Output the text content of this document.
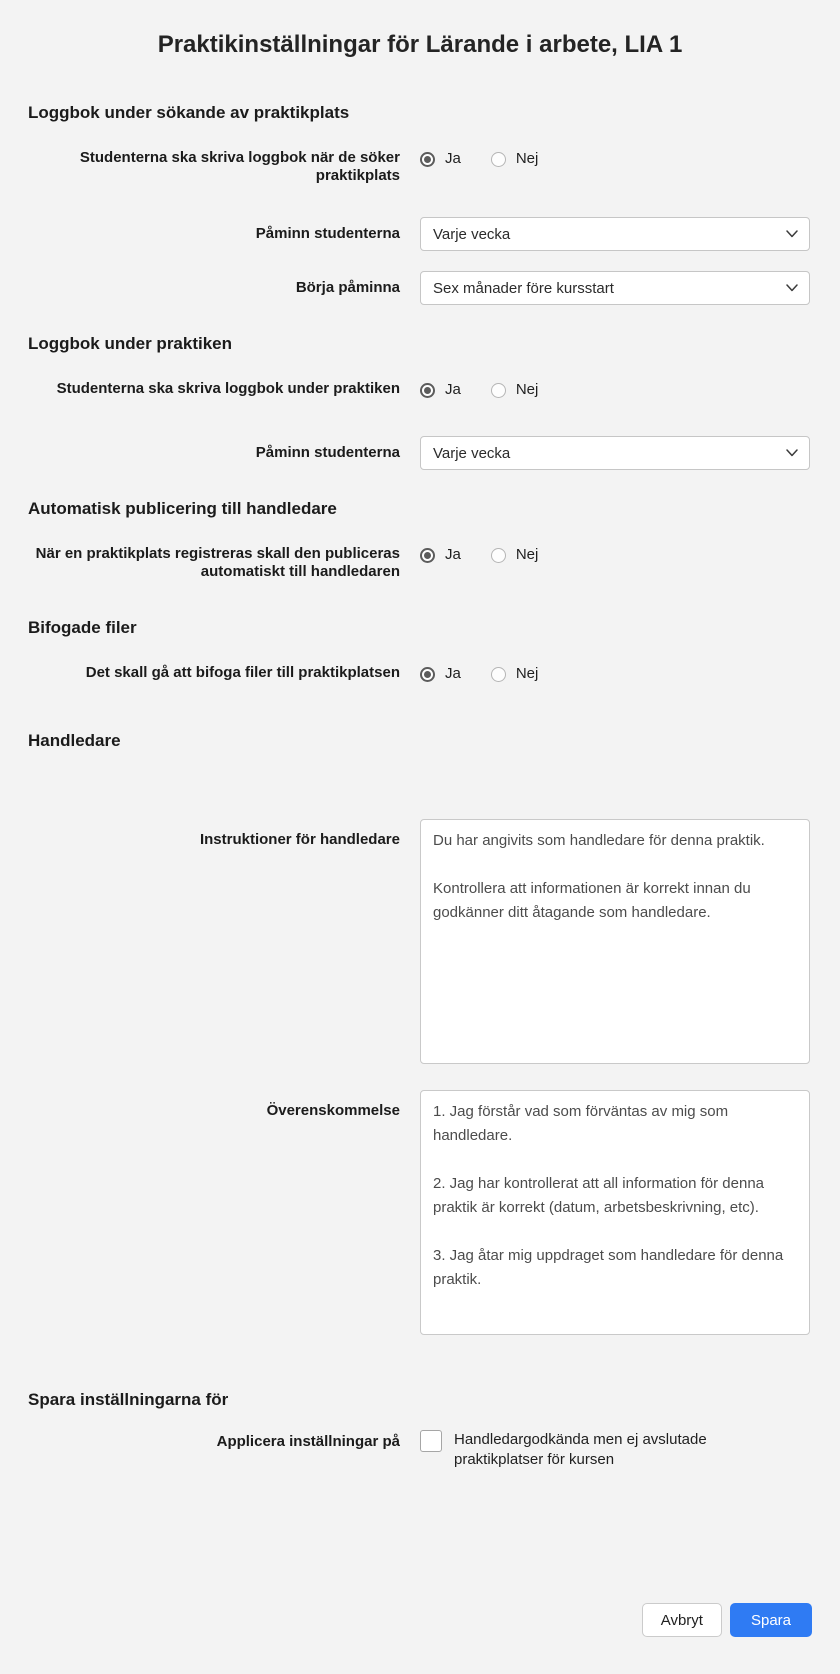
Praktikinställningar för Lärande i arbete, LIA 1
Loggbok under sökande av praktikplats
Studenterna ska skriva loggbok när de söker praktikplats
Ja	Nej
Påminn studenterna
Varje vecka
Börja påminna
Sex månader före kursstart
Loggbok under praktiken
Studenterna ska skriva loggbok under praktiken	Ja	Nej
Påminn studenterna
Varje vecka
Automatisk publicering till handledare
När en praktikplats registreras skall den publiceras automatiskt till handledaren
Ja	Nej
Bifogade filer
Det skall gå att bifoga filer till praktikplatsen	Ja	Nej
Handledare
Instruktioner för handledare
Du har angivits som handledare för denna praktik. Kontrollera att informationen är korrekt innan du godkänner ditt åtagande som handledare.
Överenskommelse
1. Jag förstår vad som förväntas av mig som handledare. 2. Jag har kontrollerat att all information för denna praktik är korrekt (datum, arbetsbeskrivning, etc). 3. Jag åtar mig uppdraget som handledare för denna praktik.
Spara inställningarna för
Applicera inställningar på	Handledargodkända men ej avslutade praktikplatser för kursen
Avbryt	Spara
